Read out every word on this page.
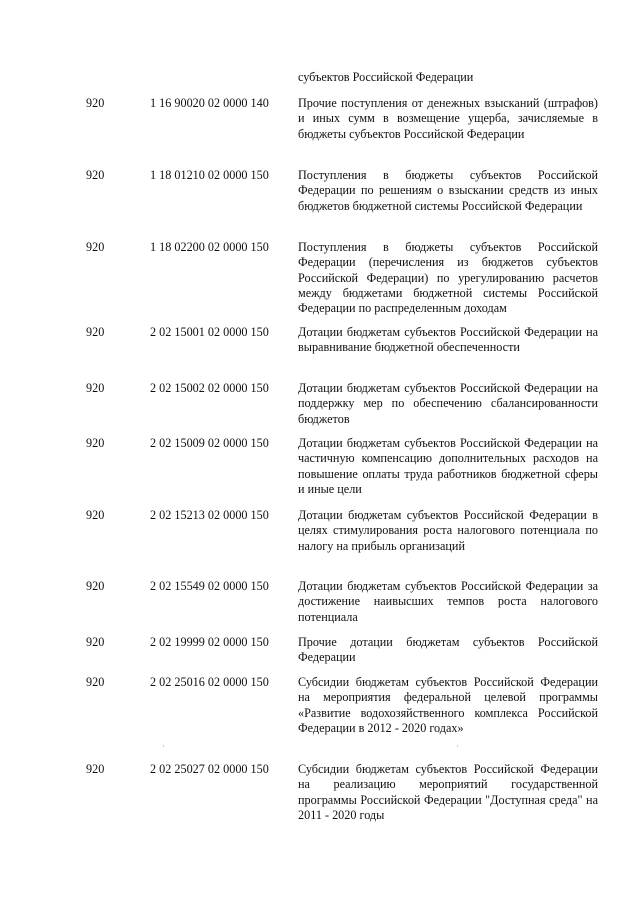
субъектов Российской Федерации
920	1 16 90020 02 0000 140 Прочие поступления от денежных взысканий (штрафов) и иных сумм в возмещение ущерба, зачисляемые в бюджеты субъектов Российской Федерации
920	1 18 01210 02 0000 150 Поступления в бюджеты субъектов Российской Федерации по решениям о взыскании средств из иных бюджетов бюджетной системы Российской Федерации
920	1 18 02200 02 0000 150 Поступления в бюджеты субъектов Российской Федерации (перечисления из бюджетов субъектов Российской Федерации) по урегулированию расчетов между бюджетами бюджетной системы Российской Федерации по распределенным доходам
920	2 02 15001 02 0000 150 Дотации бюджетам субъектов Российской Федерации на выравнивание бюджетной обеспеченности
920	2 02 15002 02 0000 150 Дотации бюджетам субъектов Российской Федерации на поддержку мер по обеспечению сбалансированности бюджетов
920	2 02 15009 02 0000 150 Дотации бюджетам субъектов Российской Федерации на частичную компенсацию дополнительных расходов на повышение оплаты труда работников бюджетной сферы и иные цели
920	2 02 15213 02 0000 150 Дотации бюджетам субъектов Российской Федерации в целях стимулирования роста налогового потенциала по налогу на прибыль организаций
920	2 02 15549 02 0000 150 Дотации бюджетам субъектов Российской Федерации за достижение наивысших темпов роста налогового потенциала
920	2 02 19999 02 0000 150 Прочие дотации бюджетам субъектов Российской Федерации
920	2 02 25016 02 0000 150 Субсидии бюджетам субъектов Российской Федерации на мероприятия федеральной целевой программы «Развитие водохозяйственного комплекса Российской Федерации в 2012 - 2020 годах»
·	·
920	2 02 25027 02 0000 150 Субсидии бюджетам субъектов Российской Федерации на реализацию мероприятий государственной программы Российской Федерации "Доступная среда" на 2011 - 2020 годы
